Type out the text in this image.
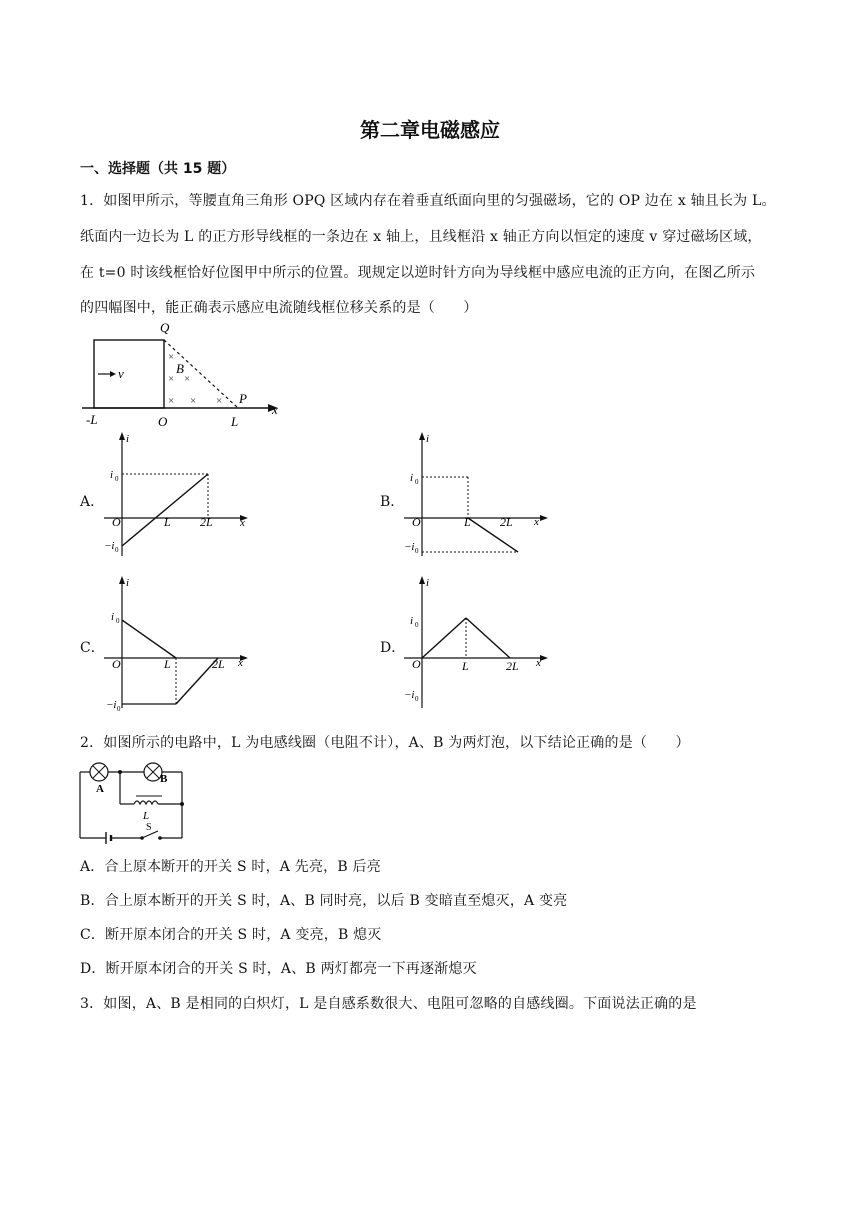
第二章电磁感应
一、选择题（共 15 题）
1．如图甲所示，等腰直角三角形 OPQ 区域内存在着垂直纸面向里的匀强磁场，它的 OP 边在 x 轴且长为 L。
纸面内一边长为 L 的正方形导线框的一条边在 x 轴上，且线框沿 x 轴正方向以恒定的速度 v 穿过磁场区域，
在 t=0 时该线框恰好位图甲中所示的位置。现规定以逆时针方向为导线框中感应电流的正方向，在图乙所示
的四幅图中，能正确表示感应电流随线框位移关系的是（　　）
v
×
× ×
× × ×
B
Q
P
-L	O	L
x
A．
i
i 0
−i 0
O	L 2L x
B．
i
i 0
−i 0
O	L 2L x
C．
i
i 0
−i 0
O	L	2L x
D．
i
i 0
−i 0
O	L	2L x
2．如图所示的电路中，L 为电感线圈（电阻不计），A、B 为两灯泡，以下结论正确的是（　　）
A
B
L
S
A．合上原本断开的开关 S 时，A 先亮，B 后亮
B．合上原本断开的开关 S 时，A、B 同时亮，以后 B 变暗直至熄灭，A 变亮
C．断开原本闭合的开关 S 时，A 变亮，B 熄灭
D．断开原本闭合的开关 S 时，A、B 两灯都亮一下再逐渐熄灭
3．如图，A、B 是相同的白炽灯，L 是自感系数很大、电阻可忽略的自感线圈。下面说法正确的是
